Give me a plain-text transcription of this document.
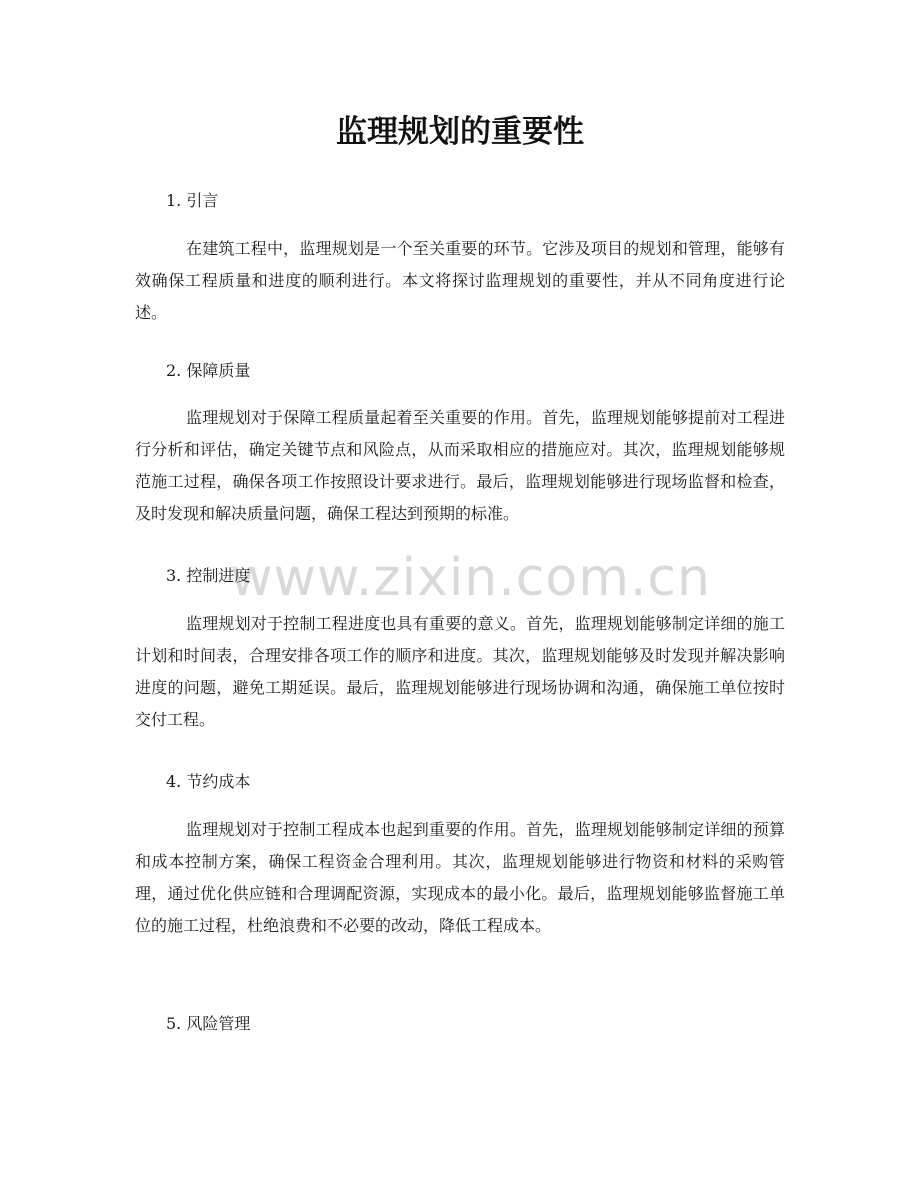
监理规划的重要性
www.zixin.com.cn

1. 引言

在建筑工程中，监理规划是一个至关重要的环节。它涉及项目的规划和管理，能够有效确保工程质量和进度的顺利进行。本文将探讨监理规划的重要性，并从不同角度进行论述。

2. 保障质量

监理规划对于保障工程质量起着至关重要的作用。首先，监理规划能够提前对工程进行分析和评估，确定关键节点和风险点，从而采取相应的措施应对。其次，监理规划能够规范施工过程，确保各项工作按照设计要求进行。最后，监理规划能够进行现场监督和检查，及时发现和解决质量问题，确保工程达到预期的标准。

3. 控制进度

监理规划对于控制工程进度也具有重要的意义。首先，监理规划能够制定详细的施工计划和时间表，合理安排各项工作的顺序和进度。其次，监理规划能够及时发现并解决影响进度的问题，避免工期延误。最后，监理规划能够进行现场协调和沟通，确保施工单位按时交付工程。

4. 节约成本

监理规划对于控制工程成本也起到重要的作用。首先，监理规划能够制定详细的预算和成本控制方案，确保工程资金合理利用。其次，监理规划能够进行物资和材料的采购管理，通过优化供应链和合理调配资源，实现成本的最小化。最后，监理规划能够监督施工单位的施工过程，杜绝浪费和不必要的改动，降低工程成本。

5. 风险管理
